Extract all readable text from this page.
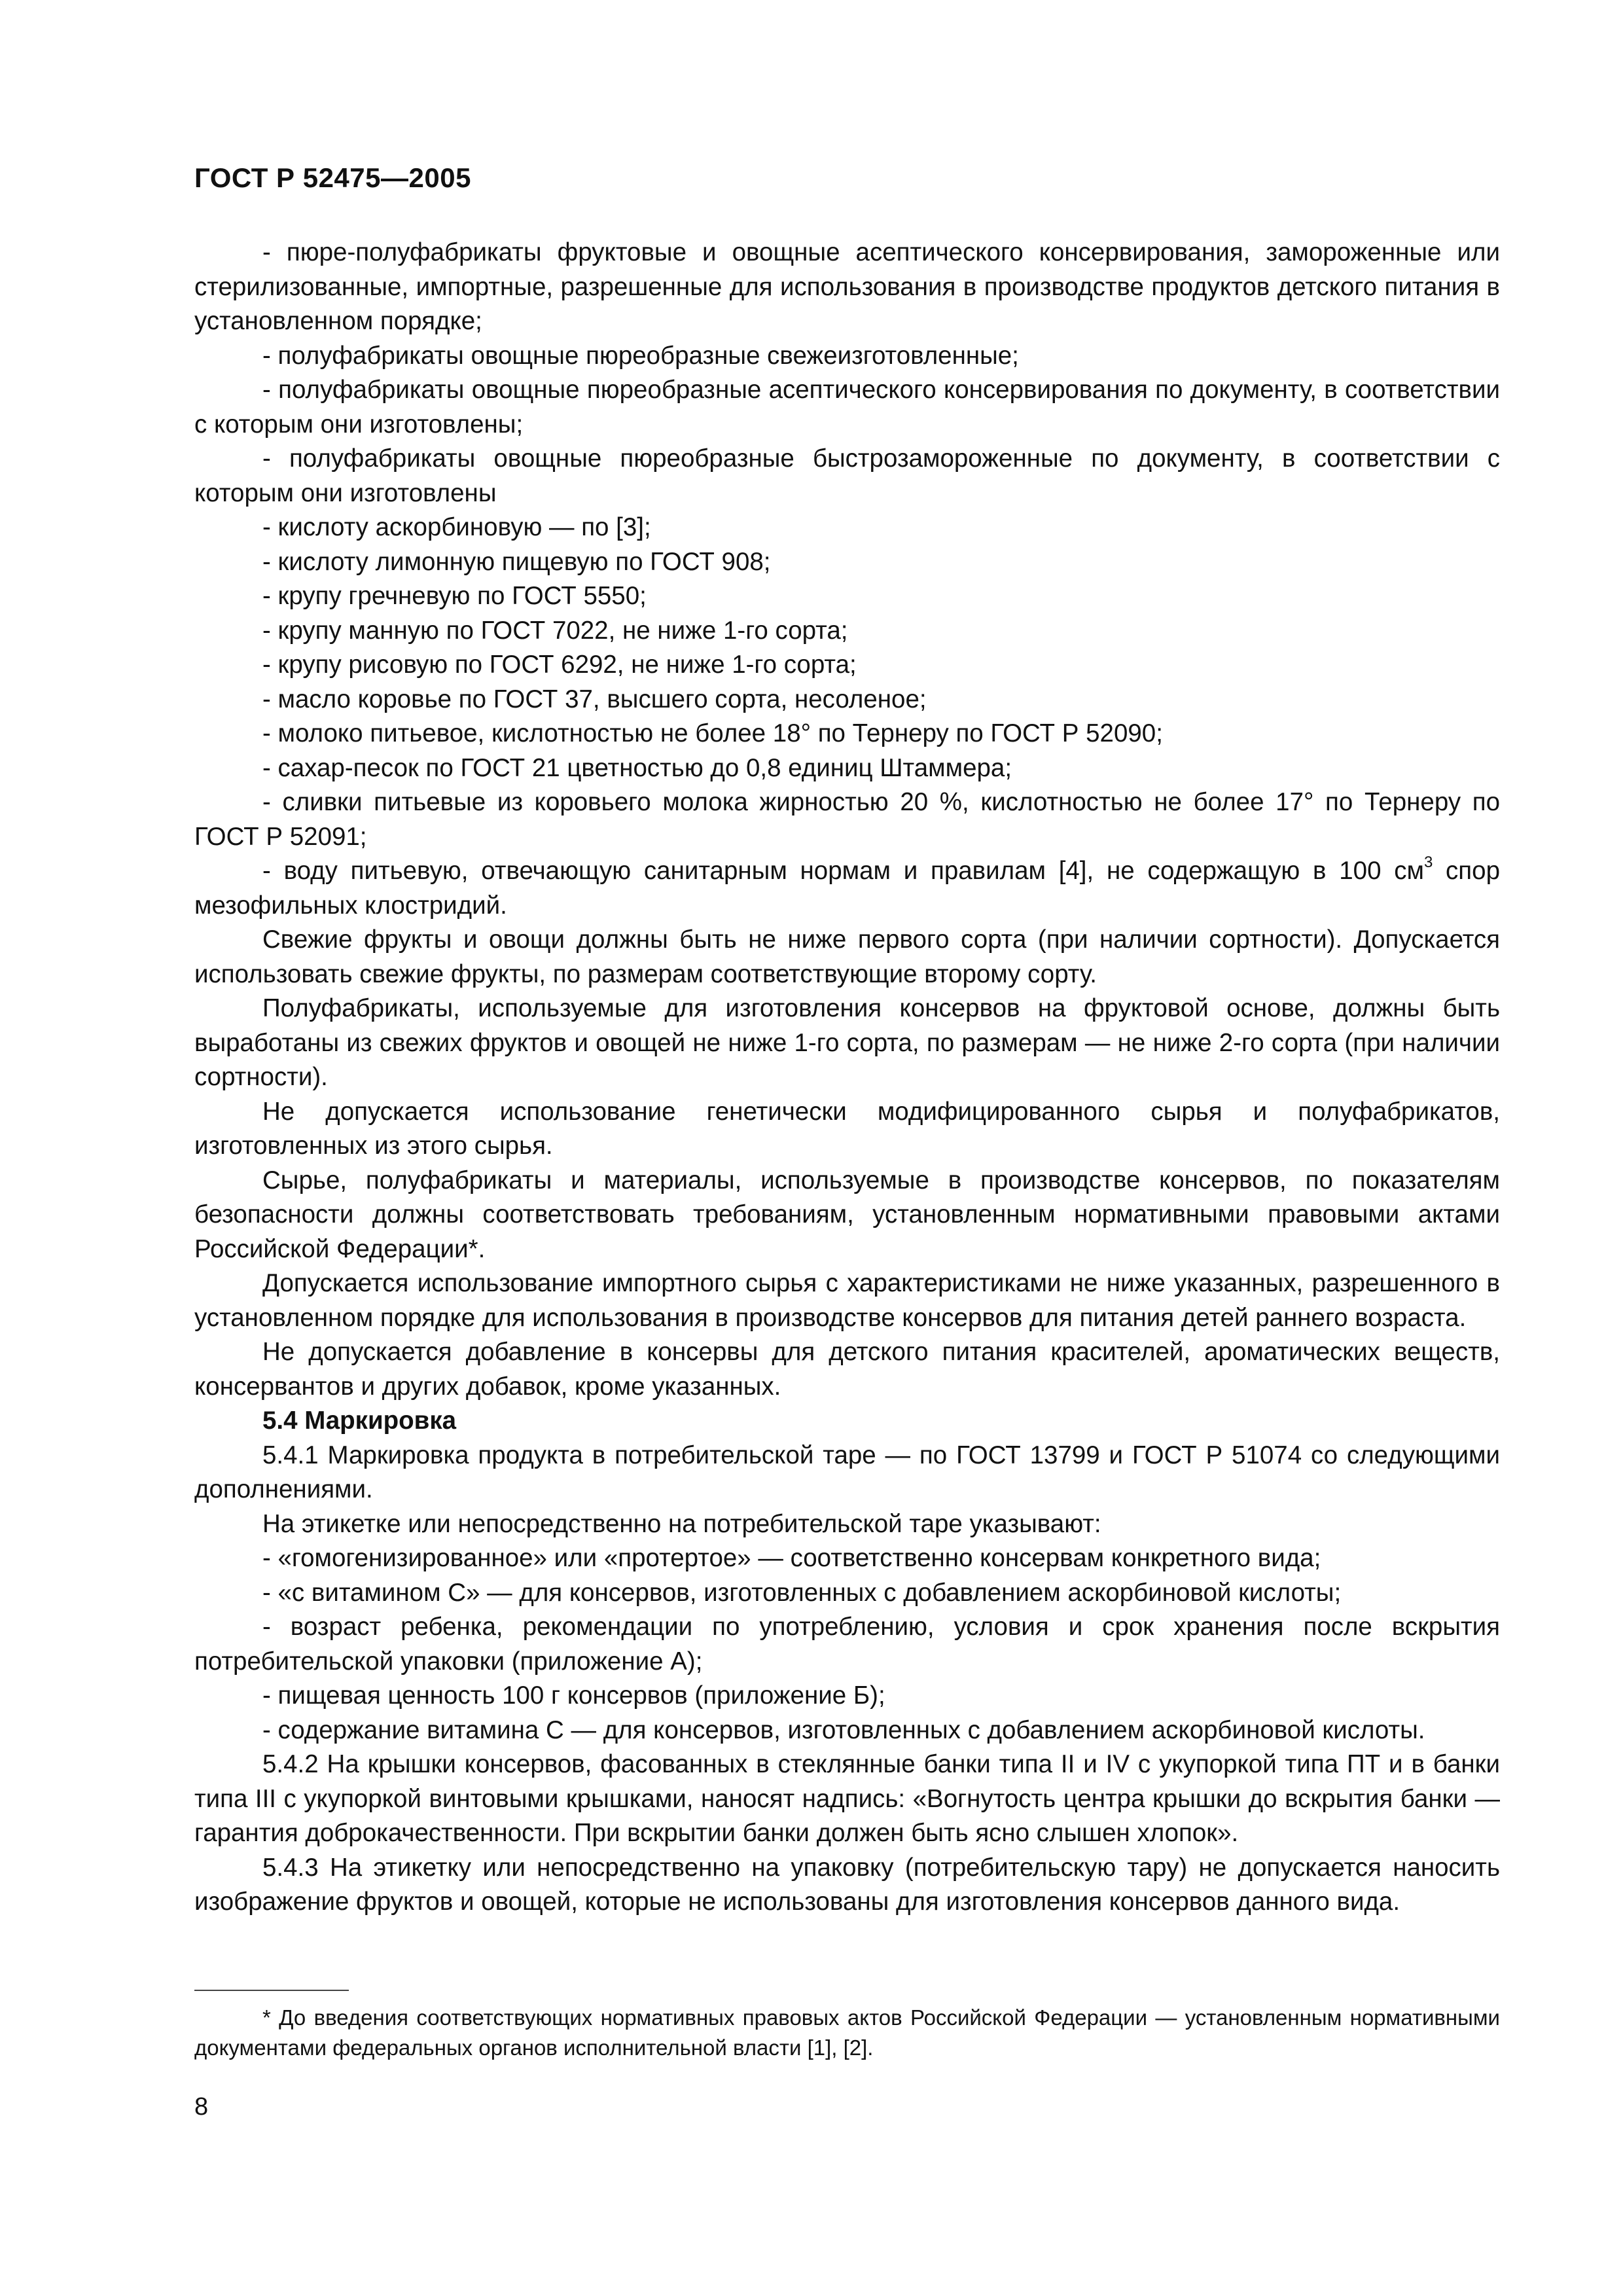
ГОСТ Р 52475—2005

- пюре-полуфабрикаты фруктовые и овощные асептического консервирования, замороженные или стерилизованные, импортные, разрешенные для использования в производстве продуктов детского питания в установленном порядке;

- полуфабрикаты овощные пюреобразные свежеизготовленные;

- полуфабрикаты овощные пюреобразные асептического консервирования по документу, в соответствии с которым они изготовлены;

- полуфабрикаты овощные пюреобразные быстрозамороженные по документу, в соответствии с которым они изготовлены

- кислоту аскорбиновую — по [3];

- кислоту лимонную пищевую по ГОСТ 908;

- крупу гречневую по ГОСТ 5550;

- крупу манную по ГОСТ 7022, не ниже 1-го сорта;

- крупу рисовую по ГОСТ 6292, не ниже 1-го сорта;

- масло коровье по ГОСТ 37, высшего сорта, несоленое;

- молоко питьевое, кислотностью не более 18° по Тернеру по ГОСТ Р 52090;

- сахар-песок по ГОСТ 21 цветностью до 0,8 единиц Штаммера;

- сливки питьевые из коровьего молока жирностью 20 %, кислотностью не более 17° по Тернеру по ГОСТ Р 52091;

- воду питьевую, отвечающую санитарным нормам и правилам [4], не содержащую в 100 $см^3$ спор мезофильных клостридий.

Свежие фрукты и овощи должны быть не ниже первого сорта (при наличии сортности). Допускается использовать свежие фрукты, по размерам соответствующие второму сорту.

Полуфабрикаты, используемые для изготовления консервов на фруктовой основе, должны быть выработаны из свежих фруктов и овощей не ниже 1-го сорта, по размерам — не ниже 2-го сорта (при наличии сортности).

Не допускается использование генетически модифицированного сырья и полуфабрикатов, изготовленных из этого сырья.

Сырье, полуфабрикаты и материалы, используемые в производстве консервов, по показателям безопасности должны соответствовать требованиям, установленным нормативными правовыми актами Российской Федерации*.

Допускается использование импортного сырья с характеристиками не ниже указанных, разрешенного в установленном порядке для использования в производстве консервов для питания детей раннего возраста.

Не допускается добавление в консервы для детского питания красителей, ароматических веществ, консервантов и других добавок, кроме указанных.

5.4 Маркировка

5.4.1 Маркировка продукта в потребительской таре — по ГОСТ 13799 и ГОСТ Р 51074 со следующими дополнениями.

На этикетке или непосредственно на потребительской таре указывают:

- «гомогенизированное» или «протертое» — соответственно консервам конкретного вида;

- «с витамином С» — для консервов, изготовленных с добавлением аскорбиновой кислоты;

- возраст ребенка, рекомендации по употреблению, условия и срок хранения после вскрытия потребительской упаковки (приложение А);

- пищевая ценность 100 г консервов (приложение Б);

- содержание витамина С — для консервов, изготовленных с добавлением аскорбиновой кислоты.

5.4.2 На крышки консервов, фасованных в стеклянные банки типа II и IV с укупоркой типа ПТ и в банки типа III с укупоркой винтовыми крышками, наносят надпись: «Вогнутость центра крышки до вскрытия банки — гарантия доброкачественности. При вскрытии банки должен быть ясно слышен хлопок».

5.4.3 На этикетку или непосредственно на упаковку (потребительскую тару) не допускается наносить изображение фруктов и овощей, которые не использованы для изготовления консервов данного вида.

* До введения соответствующих нормативных правовых актов Российской Федерации — установленным нормативными документами федеральных органов исполнительной власти [1], [2].

8
